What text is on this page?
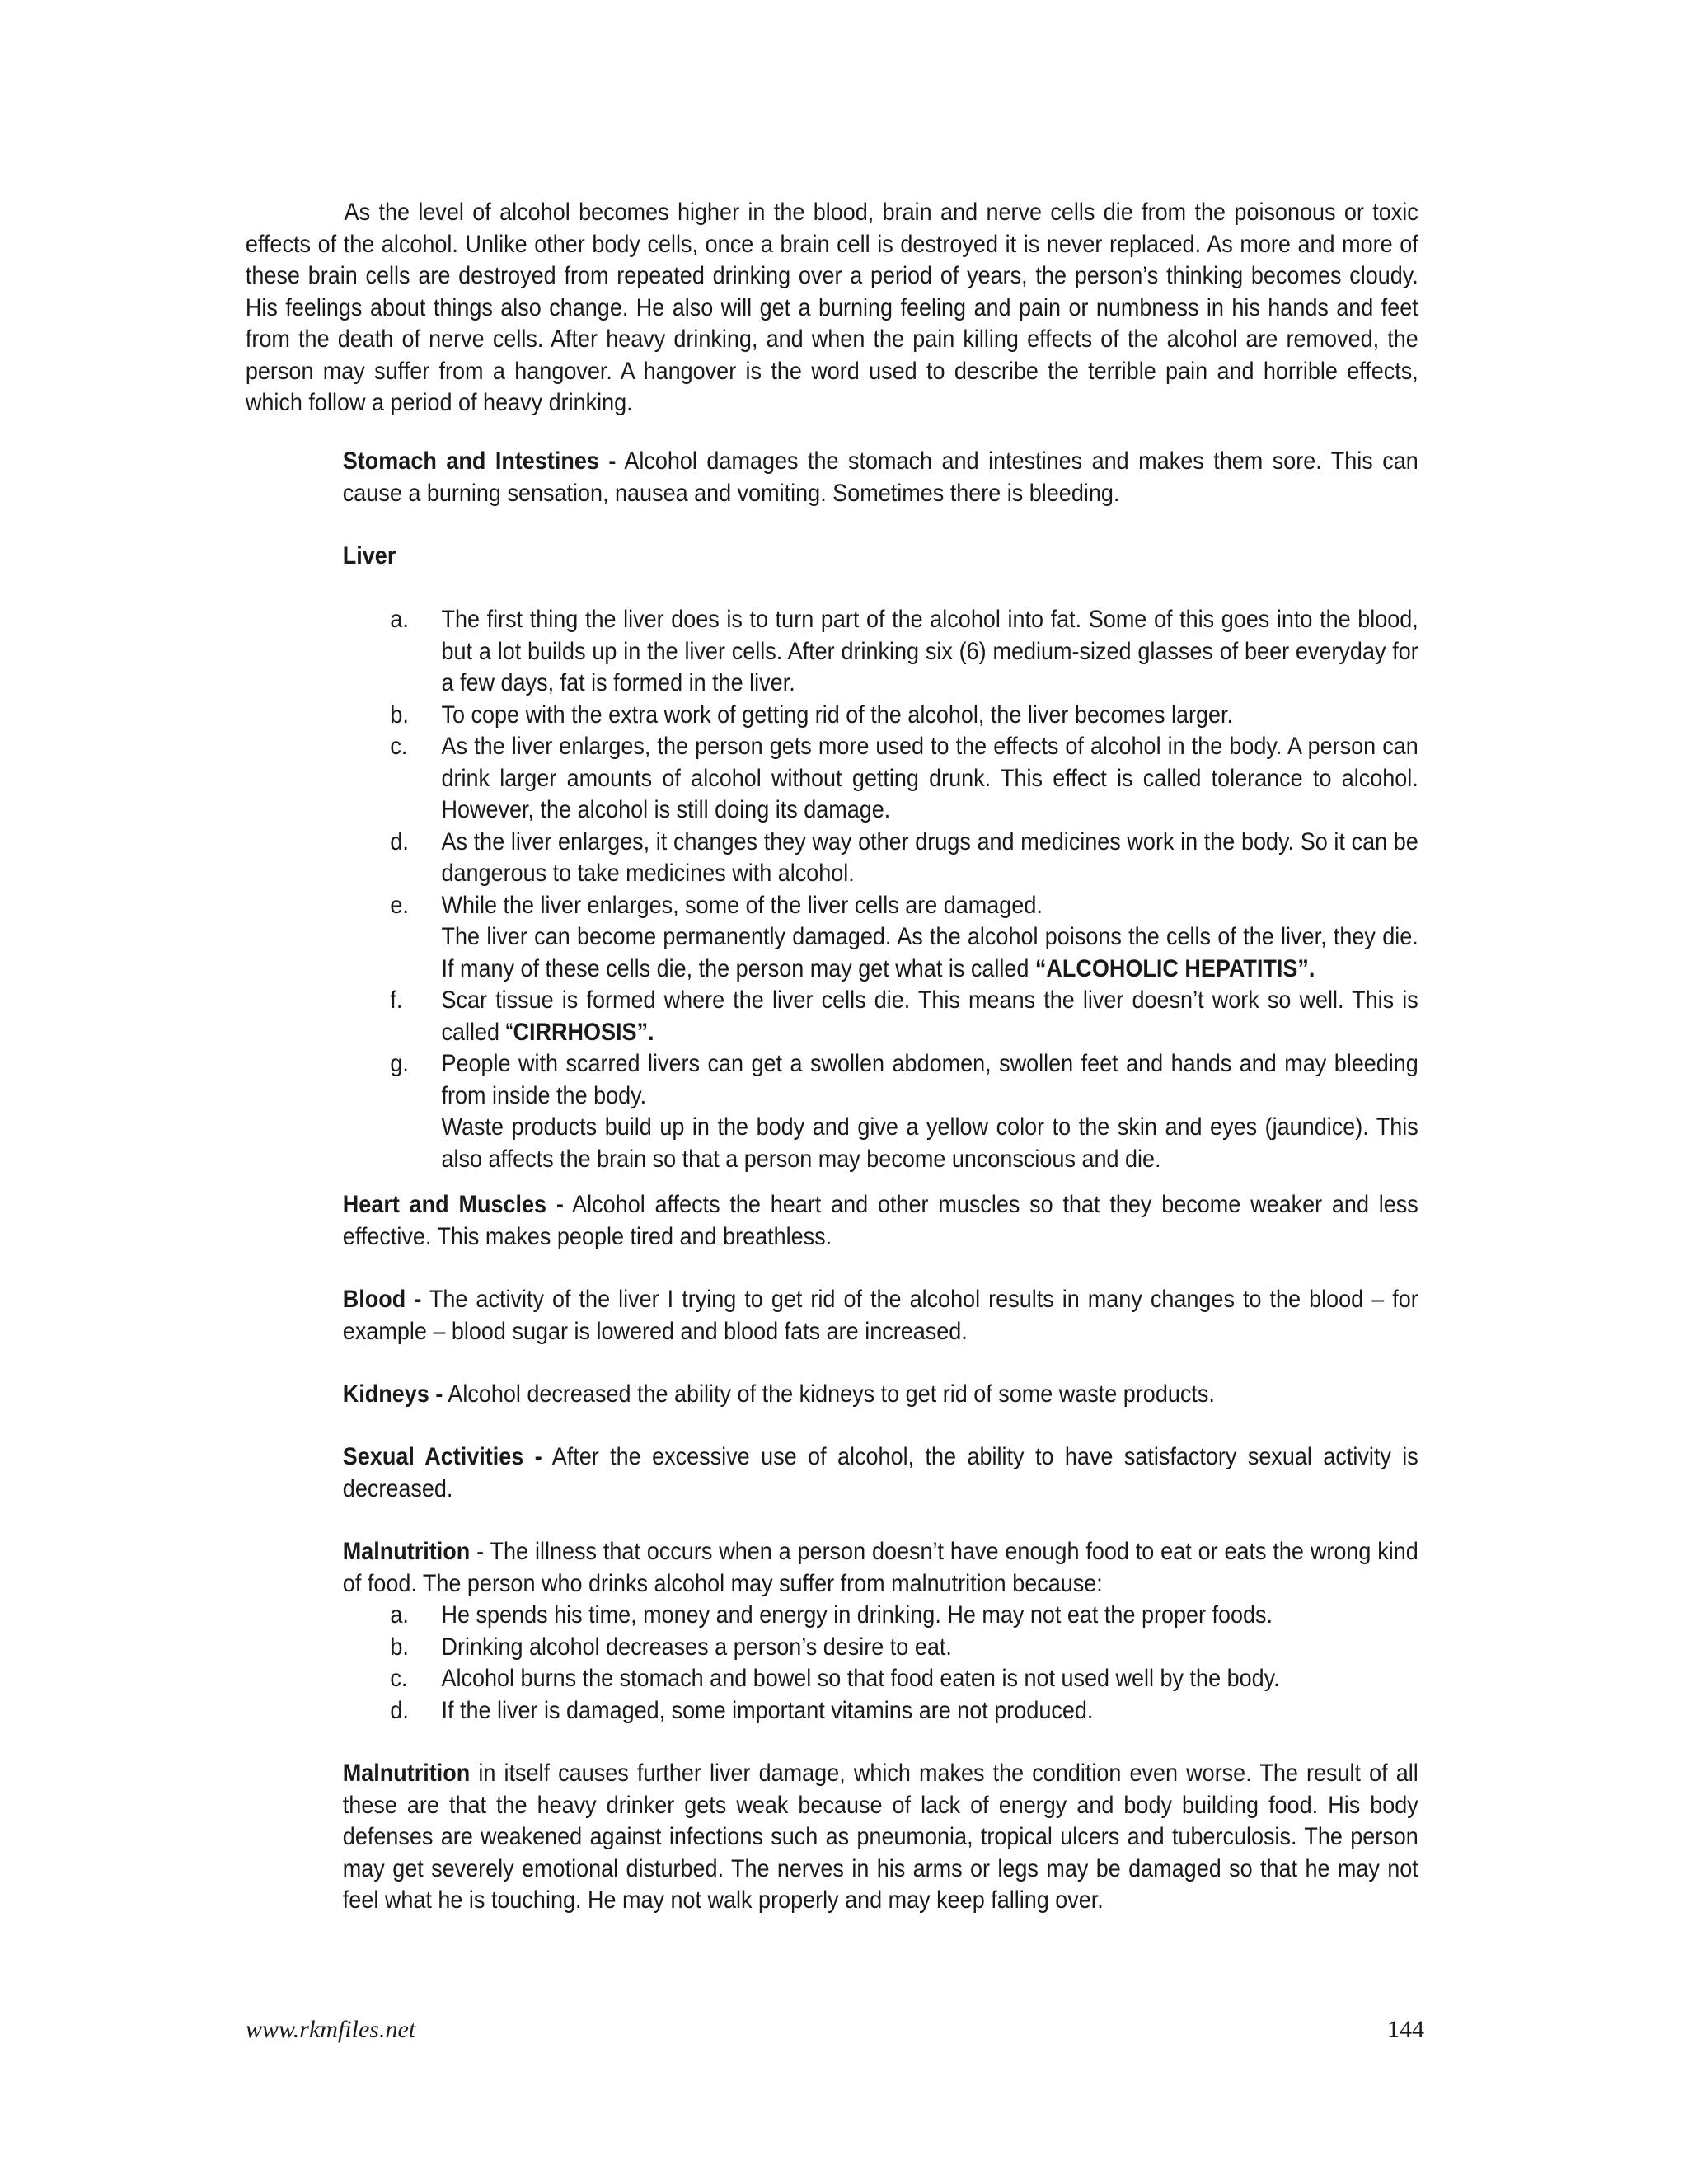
As the level of alcohol becomes higher in the blood, brain and nerve cells die from the poisonous or toxic effects of the alcohol. Unlike other body cells, once a brain cell is destroyed it is never replaced. As more and more of these brain cells are destroyed from repeated drinking over a period of years, the person’s thinking becomes cloudy. His feelings about things also change. He also will get a burning feeling and pain or numbness in his hands and feet from the death of nerve cells. After heavy drinking, and when the pain killing effects of the alcohol are removed, the person may suffer from a hangover. A hangover is the word used to describe the terrible pain and horrible effects, which follow a period of heavy drinking.

Stomach and Intestines - Alcohol damages the stomach and intestines and makes them sore. This can cause a burning sensation, nausea and vomiting. Sometimes there is bleeding.

Liver

a. The first thing the liver does is to turn part of the alcohol into fat. Some of this goes into the blood, but a lot builds up in the liver cells. After drinking six (6) medium-sized glasses of beer everyday for a few days, fat is formed in the liver.
b. To cope with the extra work of getting rid of the alcohol, the liver becomes larger.
c. As the liver enlarges, the person gets more used to the effects of alcohol in the body. A person can drink larger amounts of alcohol without getting drunk. This effect is called tolerance to alcohol. However, the alcohol is still doing its damage.
d. As the liver enlarges, it changes they way other drugs and medicines work in the body. So it can be dangerous to take medicines with alcohol.
e. While the liver enlarges, some of the liver cells are damaged.
The liver can become permanently damaged. As the alcohol poisons the cells of the liver, they die. If many of these cells die, the person may get what is called “ALCOHOLIC HEPATITIS”.
f. Scar tissue is formed where the liver cells die. This means the liver doesn’t work so well. This is called “CIRRHOSIS”.
g. People with scarred livers can get a swollen abdomen, swollen feet and hands and may bleeding from inside the body.
Waste products build up in the body and give a yellow color to the skin and eyes (jaundice). This also affects the brain so that a person may become unconscious and die.

Heart and Muscles - Alcohol affects the heart and other muscles so that they become weaker and less effective. This makes people tired and breathless.

Blood - The activity of the liver I trying to get rid of the alcohol results in many changes to the blood – for example – blood sugar is lowered and blood fats are increased.

Kidneys - Alcohol decreased the ability of the kidneys to get rid of some waste products.

Sexual Activities - After the excessive use of alcohol, the ability to have satisfactory sexual activity is decreased.

Malnutrition - The illness that occurs when a person doesn’t have enough food to eat or eats the wrong kind of food. The person who drinks alcohol may suffer from malnutrition because:

a. He spends his time, money and energy in drinking. He may not eat the proper foods.
b. Drinking alcohol decreases a person’s desire to eat.
c. Alcohol burns the stomach and bowel so that food eaten is not used well by the body.
d. If the liver is damaged, some important vitamins are not produced.

Malnutrition in itself causes further liver damage, which makes the condition even worse. The result of all these are that the heavy drinker gets weak because of lack of energy and body building food. His body defenses are weakened against infections such as pneumonia, tropical ulcers and tuberculosis. The person may get severely emotional disturbed. The nerves in his arms or legs may be damaged so that he may not feel what he is touching. He may not walk properly and may keep falling over.

www.rkmfiles.net	144
